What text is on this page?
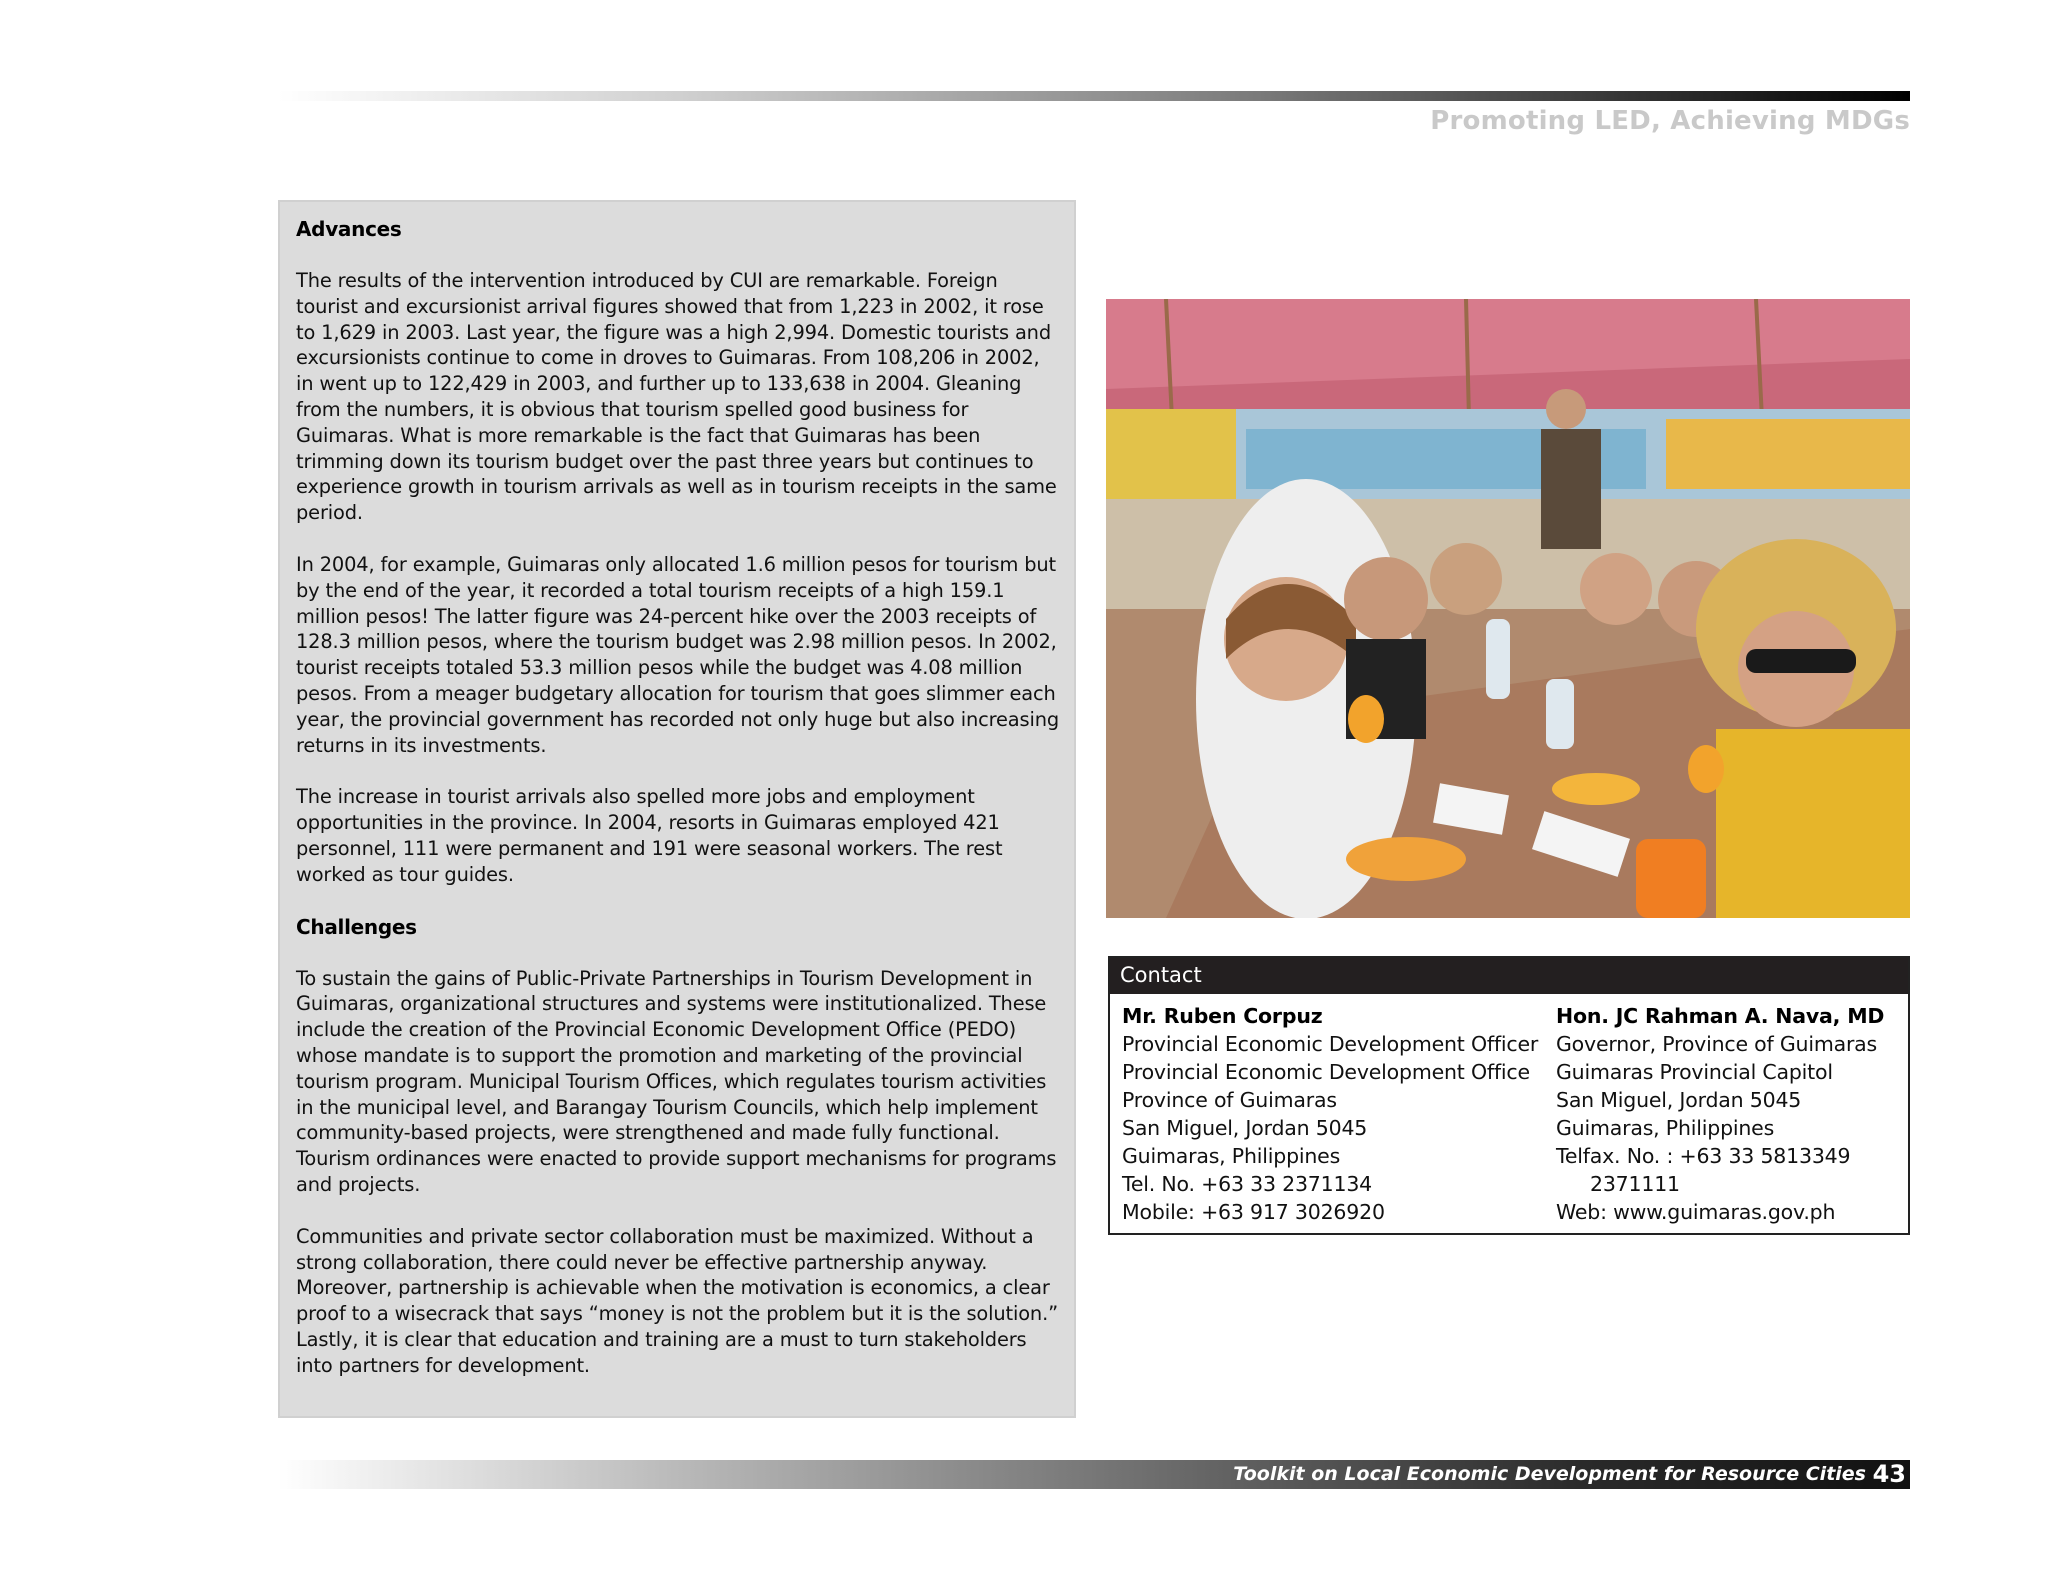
Promoting LED, Achieving MDGs
Advances

The results of the intervention introduced by CUI are remarkable. Foreign tourist and excursionist arrival figures showed that from 1,223 in 2002, it rose to 1,629 in 2003. Last year, the figure was a high 2,994. Domestic tourists and excursionists continue to come in droves to Guimaras. From 108,206 in 2002, in went up to 122,429 in 2003, and further up to 133,638 in 2004. Gleaning from the numbers, it is obvious that tourism spelled good business for Guimaras. What is more remarkable is the fact that Guimaras has been trimming down its tourism budget over the past three years but continues to experience growth in tourism arrivals as well as in tourism receipts in the same period.

In 2004, for example, Guimaras only allocated 1.6 million pesos for tourism but by the end of the year, it recorded a total tourism receipts of a high 159.1 million pesos! The latter figure was 24-percent hike over the 2003 receipts of 128.3 million pesos, where the tourism budget was 2.98 million pesos. In 2002, tourist receipts totaled 53.3 million pesos while the budget was 4.08 million pesos. From a meager budgetary allocation for tourism that goes slimmer each year, the provincial government has recorded not only huge but also increasing returns in its investments.

The increase in tourist arrivals also spelled more jobs and employment opportunities in the province. In 2004, resorts in Guimaras employed 421 personnel, 111 were permanent and 191 were seasonal workers. The rest worked as tour guides.

Challenges

To sustain the gains of Public-Private Partnerships in Tourism Development in Guimaras, organizational structures and systems were institutionalized. These include the creation of the Provincial Economic Development Office (PEDO) whose mandate is to support the promotion and marketing of the provincial tourism program. Municipal Tourism Offices, which regulates tourism activities in the municipal level, and Barangay Tourism Councils, which help implement community-based projects, were strengthened and made fully functional. Tourism ordinances were enacted to provide support mechanisms for programs and projects.

Communities and private sector collaboration must be maximized. Without a strong collaboration, there could never be effective partnership anyway. Moreover, partnership is achievable when the motivation is economics, a clear proof to a wisecrack that says “money is not the problem but it is the solution.” Lastly, it is clear that education and training are a must to turn stakeholders into partners for development.

Contact
Mr. Ruben Corpuz
Provincial Economic Development Officer
Provincial Economic Development Office
Province of Guimaras
San Miguel, Jordan 5045
Guimaras, Philippines
Tel. No. +63 33 2371134
Mobile: +63 917 3026920
Hon. JC Rahman A. Nava, MD
Governor, Province of Guimaras
Guimaras Provincial Capitol
San Miguel, Jordan 5045
Guimaras, Philippines
Telfax. No. : +63 33 5813349
2371111
Web: www.guimaras.gov.ph
Toolkit on Local Economic Development for Resource Cities 43
